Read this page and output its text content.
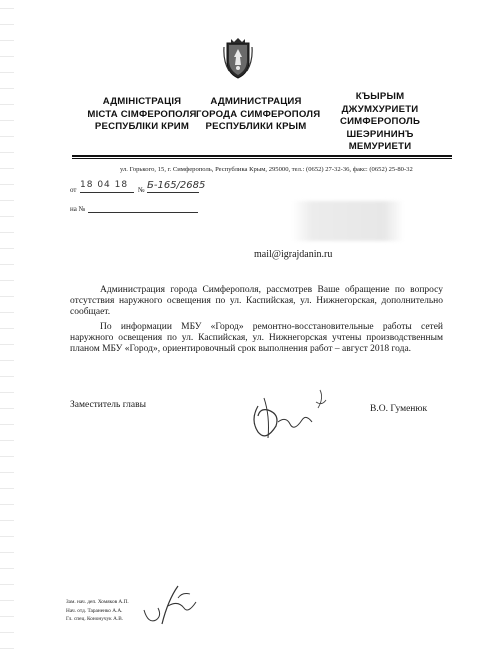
АДМІНІСТРАЦІЯ
МІСТА СІМФЕРОПОЛЯ
РЕСПУБЛІКИ КРИМ
АДМИНИСТРАЦИЯ
ГОРОДА СИМФЕРОПОЛЯ
РЕСПУБЛИКИ КРЫМ
КЪЫРЫМ
ДЖУМХУРИЕТИ
СИМФЕРОПОЛЬ
ШЕЭРИНИНЪ
МЕМУРИЕТИ
ул. Горького, 15, г. Симферополь, Республика Крым, 295000, тел.: (0652) 27-32-36, факс: (0652) 25-80-32
от 18 04 18 № Б-165/2685
на №
mail@igrajdanin.ru

Администрация города Симферополя, рассмотрев Ваше обращение по вопросу отсутствия наружного освещения по ул. Каспийская, ул. Нижнегорская, дополнительно сообщает.

По информации МБУ «Город» ремонтно-восстановительные работы сетей наружного освещения по ул. Каспийская, ул. Нижнегорская учтены производственным планом МБУ «Город», ориентировочный срок выполнения работ – август 2018 года.

Заместитель главы	В.О. Гуменюк
Зам. нач. деп. Хомяков А.П.
Нач. отд. Тараненко А.А.
Гл. спец. Кононучук А.В.
